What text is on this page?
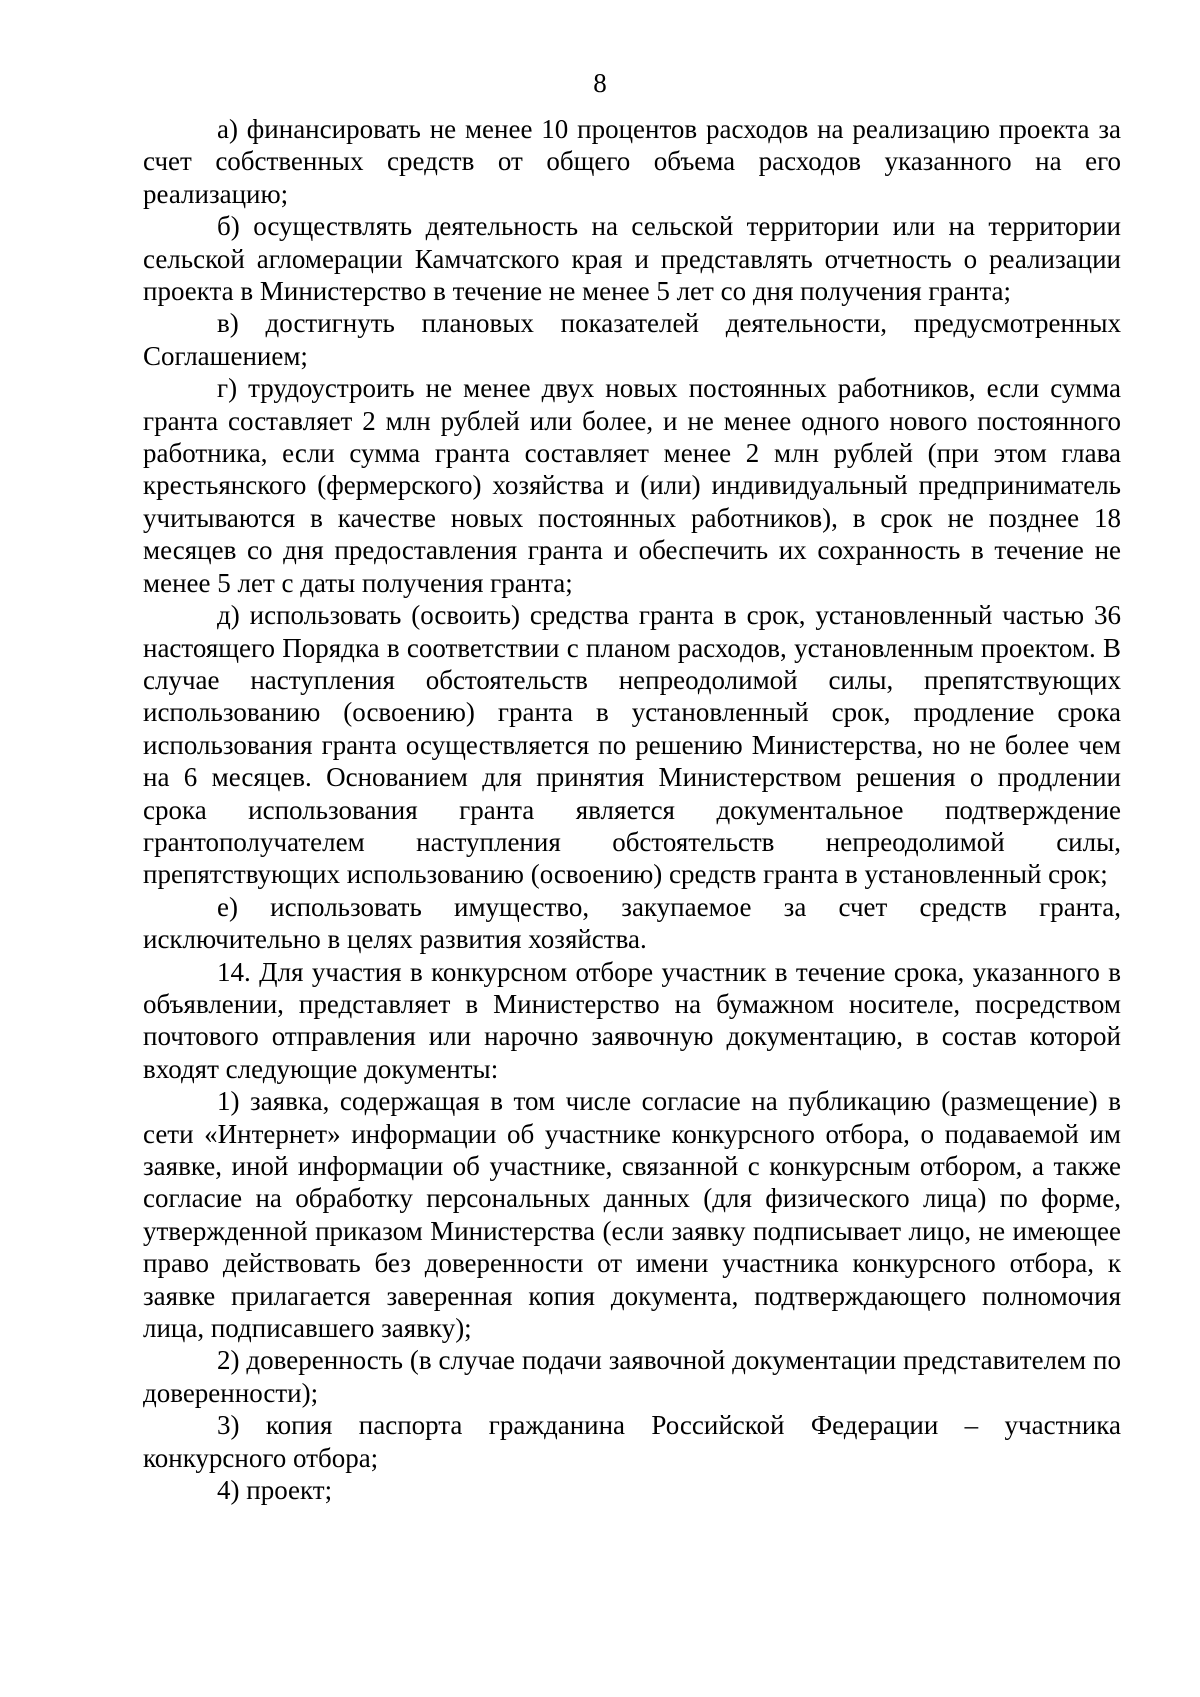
8

а) финансировать не менее 10 процентов расходов на реализацию проекта за счет собственных средств от общего объема расходов указанного на его реализацию;

б) осуществлять деятельность на сельской территории или на территории сельской агломерации Камчатского края и представлять отчетность о реализации проекта в Министерство в течение не менее 5 лет со дня получения гранта;

в) достигнуть плановых показателей деятельности, предусмотренных Соглашением;

г) трудоустроить не менее двух новых постоянных работников, если сумма гранта составляет 2 млн рублей или более, и не менее одного нового постоянного работника, если сумма гранта составляет менее 2 млн рублей (при этом глава крестьянского (фермерского) хозяйства и (или) индивидуальный предприниматель учитываются в качестве новых постоянных работников), в срок не позднее 18 месяцев со дня предоставления гранта и обеспечить их сохранность в течение не менее 5 лет с даты получения гранта;

д) использовать (освоить) средства гранта в срок, установленный частью 36 настоящего Порядка в соответствии с планом расходов, установленным проектом. В случае наступления обстоятельств непреодолимой силы, препятствующих использованию (освоению) гранта в установленный срок, продление срока использования гранта осуществляется по решению Министерства, но не более чем на 6 месяцев. Основанием для принятия Министерством решения о продлении срока использования гранта является документальное подтверждение грантополучателем наступления обстоятельств непреодолимой силы, препятствующих использованию (освоению) средств гранта в установленный срок;

е) использовать имущество, закупаемое за счет средств гранта, исключительно в целях развития хозяйства.

14. Для участия в конкурсном отборе участник в течение срока, указанного в объявлении, представляет в Министерство на бумажном носителе, посредством почтового отправления или нарочно заявочную документацию, в состав которой входят следующие документы:

1) заявка, содержащая в том числе согласие на публикацию (размещение) в сети «Интернет» информации об участнике конкурсного отбора, о подаваемой им заявке, иной информации об участнике, связанной с конкурсным отбором, а также согласие на обработку персональных данных (для физического лица) по форме, утвержденной приказом Министерства (если заявку подписывает лицо, не имеющее право действовать без доверенности от имени участника конкурсного отбора, к заявке прилагается заверенная копия документа, подтверждающего полномочия лица, подписавшего заявку);

2) доверенность (в случае подачи заявочной документации представителем по доверенности);

3) копия паспорта гражданина Российской Федерации – участника конкурсного отбора;

4) проект;
